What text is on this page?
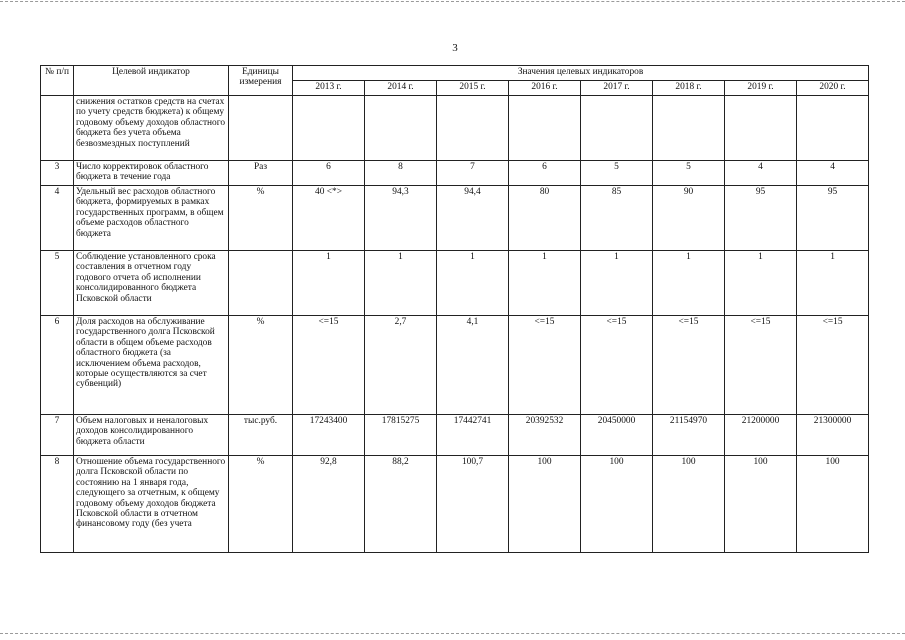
3
№ п/п	Целевой индикатор	Единицы измерения	Значения целевых индикаторов							
			2013 г.	2014 г.	2015 г.	2016 г.	2017 г.	2018 г.	2019 г.	2020 г.
	снижения остатков средств на счетах по учету средств бюджета) к общему годовому объему доходов областного бюджета без учета объема безвозмездных поступлений									
3	Число корректировок областного бюджета в течение года	Раз	6	8	7	6	5	5	4	4
4	Удельный вес расходов областного бюджета, формируемых в рамках государственных программ, в общем объеме расходов областного бюджета	%	40 <*>	94,3	94,4	80	85	90	95	95
5	Соблюдение установленного срока составления в отчетном году годового отчета об исполнении консолидированного бюджета Псковской области		1	1	1	1	1	1	1	1
6	Доля расходов на обслуживание государственного долга Псковской области в общем объеме расходов областного бюджета (за исключением объема расходов, которые осуществляются за счет субвенций)	%	<=15	2,7	4,1	<=15	<=15	<=15	<=15	<=15
7	Объем налоговых и неналоговых доходов консолидированного бюджета области	тыс.руб.	17243400	17815275	17442741	20392532	20450000	21154970	21200000	21300000
8	Отношение объема государственного долга Псковской области по состоянию на 1 января года, следующего за отчетным, к общему годовому объему доходов бюджета Псковской области в отчетном финансовому году (без учета	%	92,8	88,2	100,7	100	100	100	100	100
